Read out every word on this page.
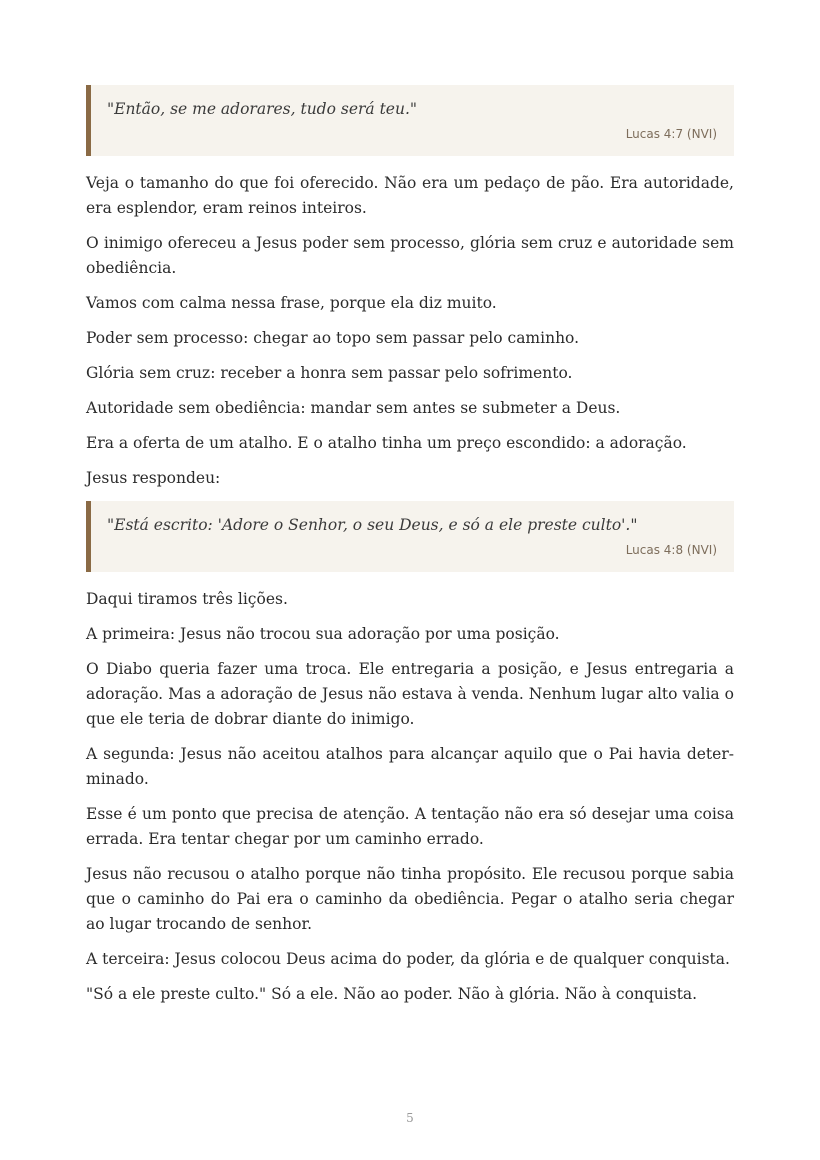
"Então, se me adorares, tudo será teu."

Lucas 4:7 (NVI)

Veja o tamanho do que foi oferecido. Não era um pedaço de pão. Era autoridade, era esplendor, eram reinos inteiros.

O inimigo ofereceu a Jesus poder sem processo, glória sem cruz e autoridade sem obediência.

Vamos com calma nessa frase, porque ela diz muito.

Poder sem processo: chegar ao topo sem passar pelo caminho.

Glória sem cruz: receber a honra sem passar pelo sofrimento.

Autoridade sem obediência: mandar sem antes se submeter a Deus.

Era a oferta de um atalho. E o atalho tinha um preço escondido: a adoração.

Jesus respondeu:

"Está escrito: 'Adore o Senhor, o seu Deus, e só a ele preste culto'."

Lucas 4:8 (NVI)

Daqui tiramos três lições.

A primeira: Jesus não trocou sua adoração por uma posição.

O Diabo queria fazer uma troca. Ele entregaria a posição, e Jesus entregaria a adoração. Mas a adoração de Jesus não estava à venda. Nenhum lugar alto valia o que ele teria de dobrar diante do inimigo.

A segunda: Jesus não aceitou atalhos para alcançar aquilo que o Pai havia determinado.

Esse é um ponto que precisa de atenção. A tentação não era só desejar uma coisa errada. Era tentar chegar por um caminho errado.

Jesus não recusou o atalho porque não tinha propósito. Ele recusou porque sabia que o caminho do Pai era o caminho da obediência. Pegar o atalho seria chegar ao lugar trocando de senhor.

A terceira: Jesus colocou Deus acima do poder, da glória e de qualquer conquista.

"Só a ele preste culto." Só a ele. Não ao poder. Não à glória. Não à conquista.

5
